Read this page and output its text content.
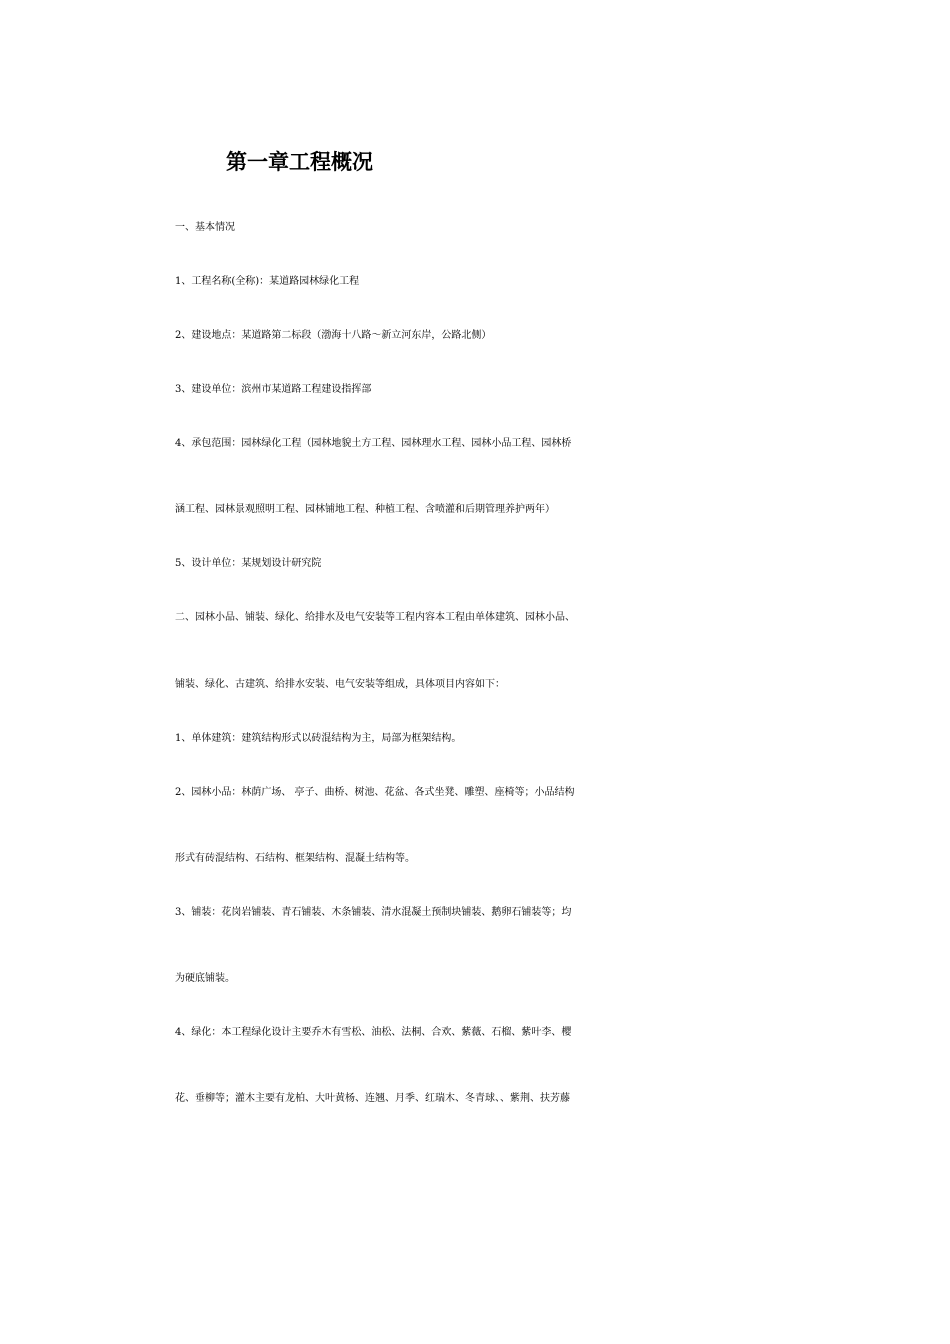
第一章工程概况
一、基本情况
1、工程名称(全称)：某道路园林绿化工程
2、建设地点：某道路第二标段（渤海十八路～新立河东岸，公路北侧）
3、建设单位：滨州市某道路工程建设指挥部
4、承包范围：园林绿化工程（园林地貌土方工程、园林理水工程、园林小品工程、园林桥
涵工程、园林景观照明工程、园林铺地工程、种植工程、含喷灌和后期管理养护两年）
5、设计单位：某规划设计研究院
二、园林小品、铺装、绿化、给排水及电气安装等工程内容本工程由单体建筑、园林小品、
铺装、绿化、古建筑、给排水安装、电气安装等组成，具体项目内容如下：
1、单体建筑：建筑结构形式以砖混结构为主，局部为框架结构。
2、园林小品：林荫广场、 亭子、曲桥、树池、花盆、各式坐凳、雕塑、座椅等；小品结构
形式有砖混结构、石结构、框架结构、混凝土结构等。
3、铺装：花岗岩铺装、青石铺装、木条铺装、清水混凝土预制块铺装、鹅卵石铺装等；均
为硬底铺装。
4、绿化：本工程绿化设计主要乔木有雪松、油松、法桐、合欢、紫薇、石榴、紫叶李、樱
花、垂柳等；灌木主要有龙柏、大叶黄杨、连翘、月季、红瑞木、冬青球、、紫荆、扶芳藤
